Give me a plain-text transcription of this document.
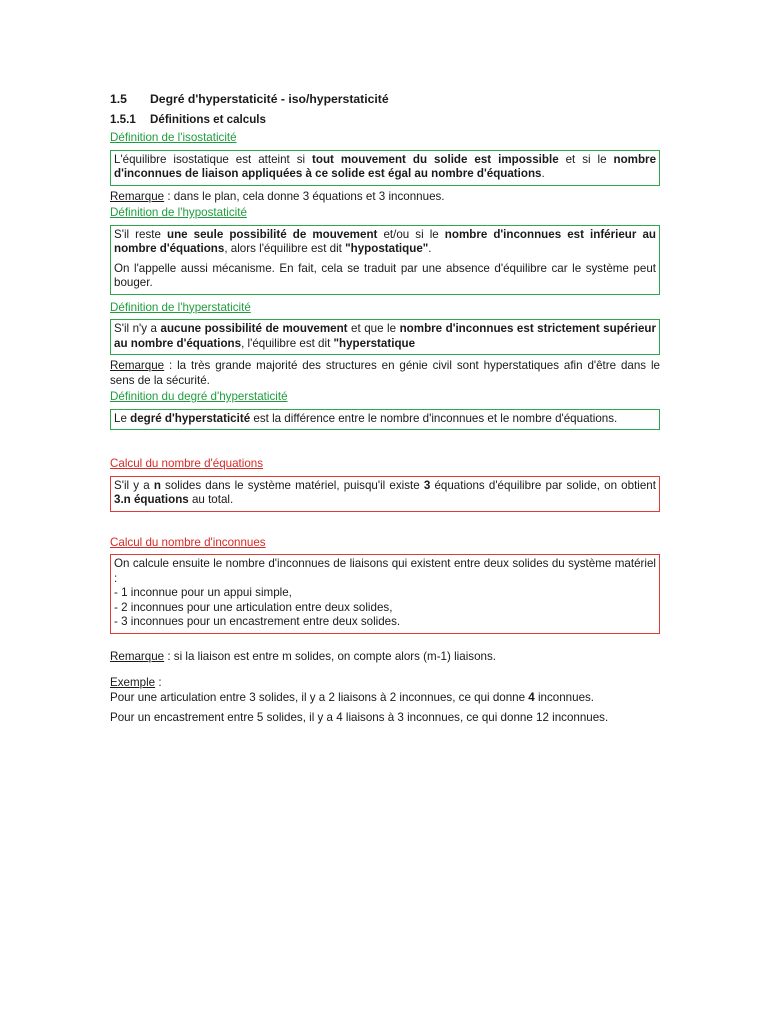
1.5 Degré d'hyperstaticité - iso/hyperstaticité
1.5.1 Définitions et calculs
Définition de l'isostaticité

L'équilibre isostatique est atteint si tout mouvement du solide est impossible et si le nombre d'inconnues de liaison appliquées à ce solide est égal au nombre d'équations.

Remarque : dans le plan, cela donne 3 équations et 3 inconnues.
Définition de l'hypostaticité

S'il reste une seule possibilité de mouvement et/ou si le nombre d'inconnues est inférieur au nombre d'équations, alors l'équilibre est dit "hypostatique".

On l'appelle aussi mécanisme. En fait, cela se traduit par une absence d'équilibre car le système peut bouger.

Définition de l'hyperstaticité

S'il n'y a aucune possibilité de mouvement et que le nombre d'inconnues est strictement supérieur au nombre d'équations, l'équilibre est dit "hyperstatique

Remarque : la très grande majorité des structures en génie civil sont hyperstatiques afin d'être dans le sens de la sécurité.
Définition du degré d'hyperstaticité

Le degré d'hyperstaticité est la différence entre le nombre d'inconnues et le nombre d'équations.

Calcul du nombre d'équations

S'il y a n solides dans le système matériel, puisqu'il existe 3 équations d'équilibre par solide, on obtient 3.n équations au total.

Calcul du nombre d'inconnues

On calcule ensuite le nombre d'inconnues de liaisons qui existent entre deux solides du système matériel :

- 1 inconnue pour un appui simple,
- 2 inconnues pour une articulation entre deux solides,
- 3 inconnues pour un encastrement entre deux solides.
Remarque : si la liaison est entre m solides, on compte alors (m-1) liaisons.
Exemple :

Pour une articulation entre 3 solides, il y a 2 liaisons à 2 inconnues, ce qui donne 4 inconnues.

Pour un encastrement entre 5 solides, il y a 4 liaisons à 3 inconnues, ce qui donne 12 inconnues.
